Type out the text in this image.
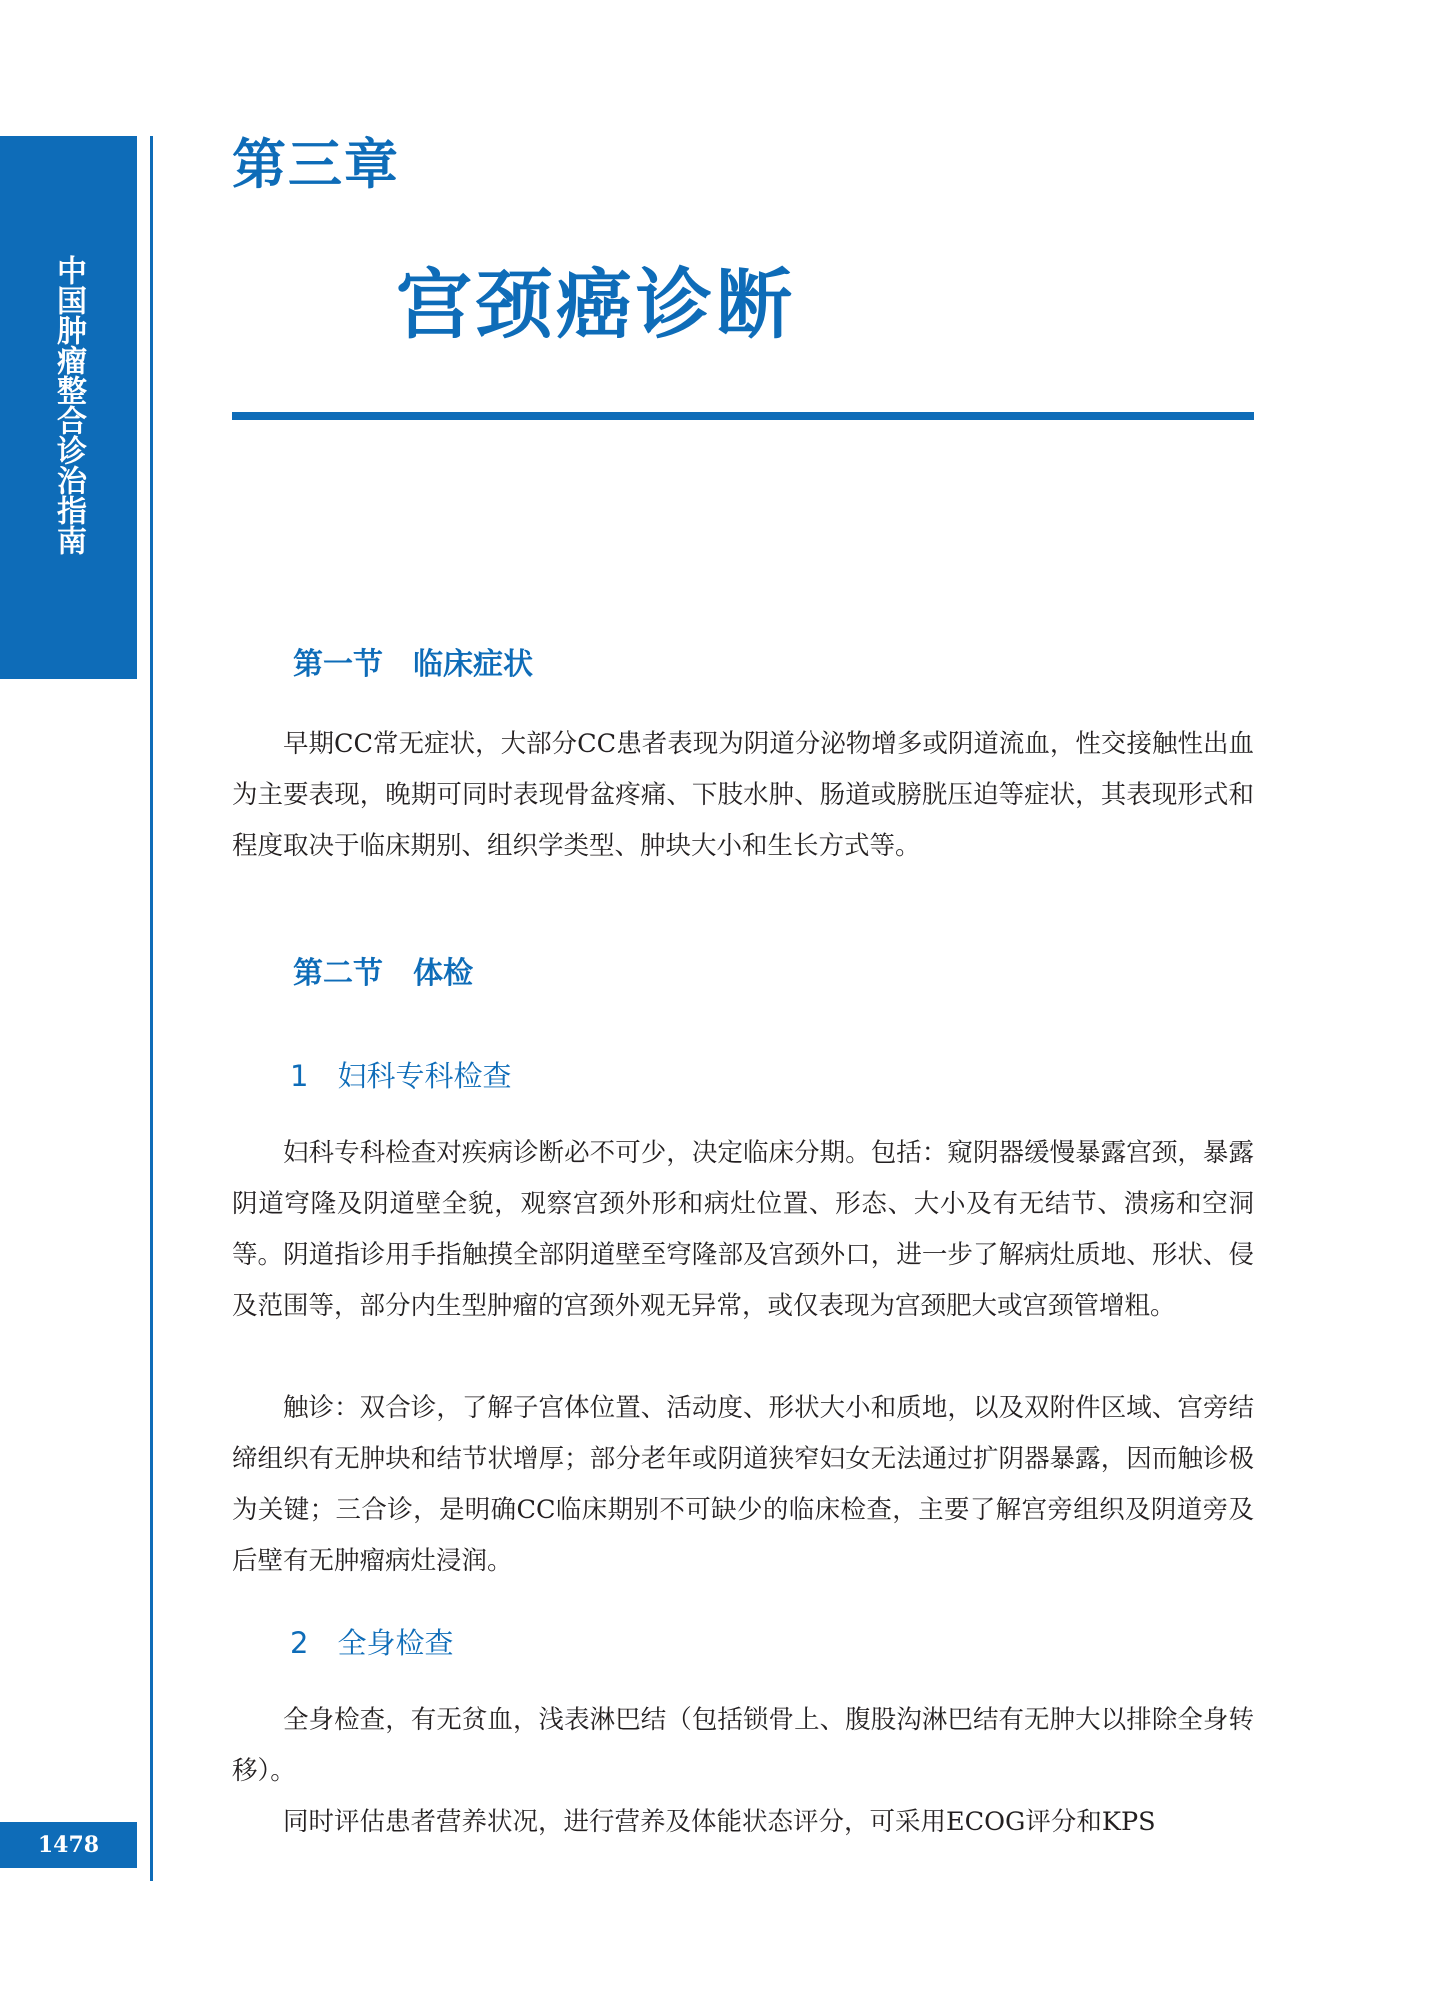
中国肿瘤整合诊治指南
1478
第三章
宫颈癌诊断
第一节　临床症状

早期CC常无症状，大部分CC患者表现为阴道分泌物增多或阴道流血，性交接触性出血为主要表现，晚期可同时表现骨盆疼痛、下肢水肿、肠道或膀胱压迫等症状，其表现形式和程度取决于临床期别、组织学类型、肿块大小和生长方式等。

第二节　体检
1　妇科专科检查

妇科专科检查对疾病诊断必不可少，决定临床分期。包括：窥阴器缓慢暴露宫颈，暴露阴道穹隆及阴道壁全貌，观察宫颈外形和病灶位置、形态、大小及有无结节、溃疡和空洞等。阴道指诊用手指触摸全部阴道壁至穹隆部及宫颈外口，进一步了解病灶质地、形状、侵及范围等，部分内生型肿瘤的宫颈外观无异常，或仅表现为宫颈肥大或宫颈管增粗。

触诊：双合诊，了解子宫体位置、活动度、形状大小和质地，以及双附件区域、宫旁结缔组织有无肿块和结节状增厚；部分老年或阴道狭窄妇女无法通过扩阴器暴露，因而触诊极为关键；三合诊，是明确CC临床期别不可缺少的临床检查，主要了解宫旁组织及阴道旁及后壁有无肿瘤病灶浸润。

2　全身检查

全身检查，有无贫血，浅表淋巴结（包括锁骨上、腹股沟淋巴结有无肿大以排除全身转移）。

同时评估患者营养状况，进行营养及体能状态评分，可采用ECOG评分和KPS
